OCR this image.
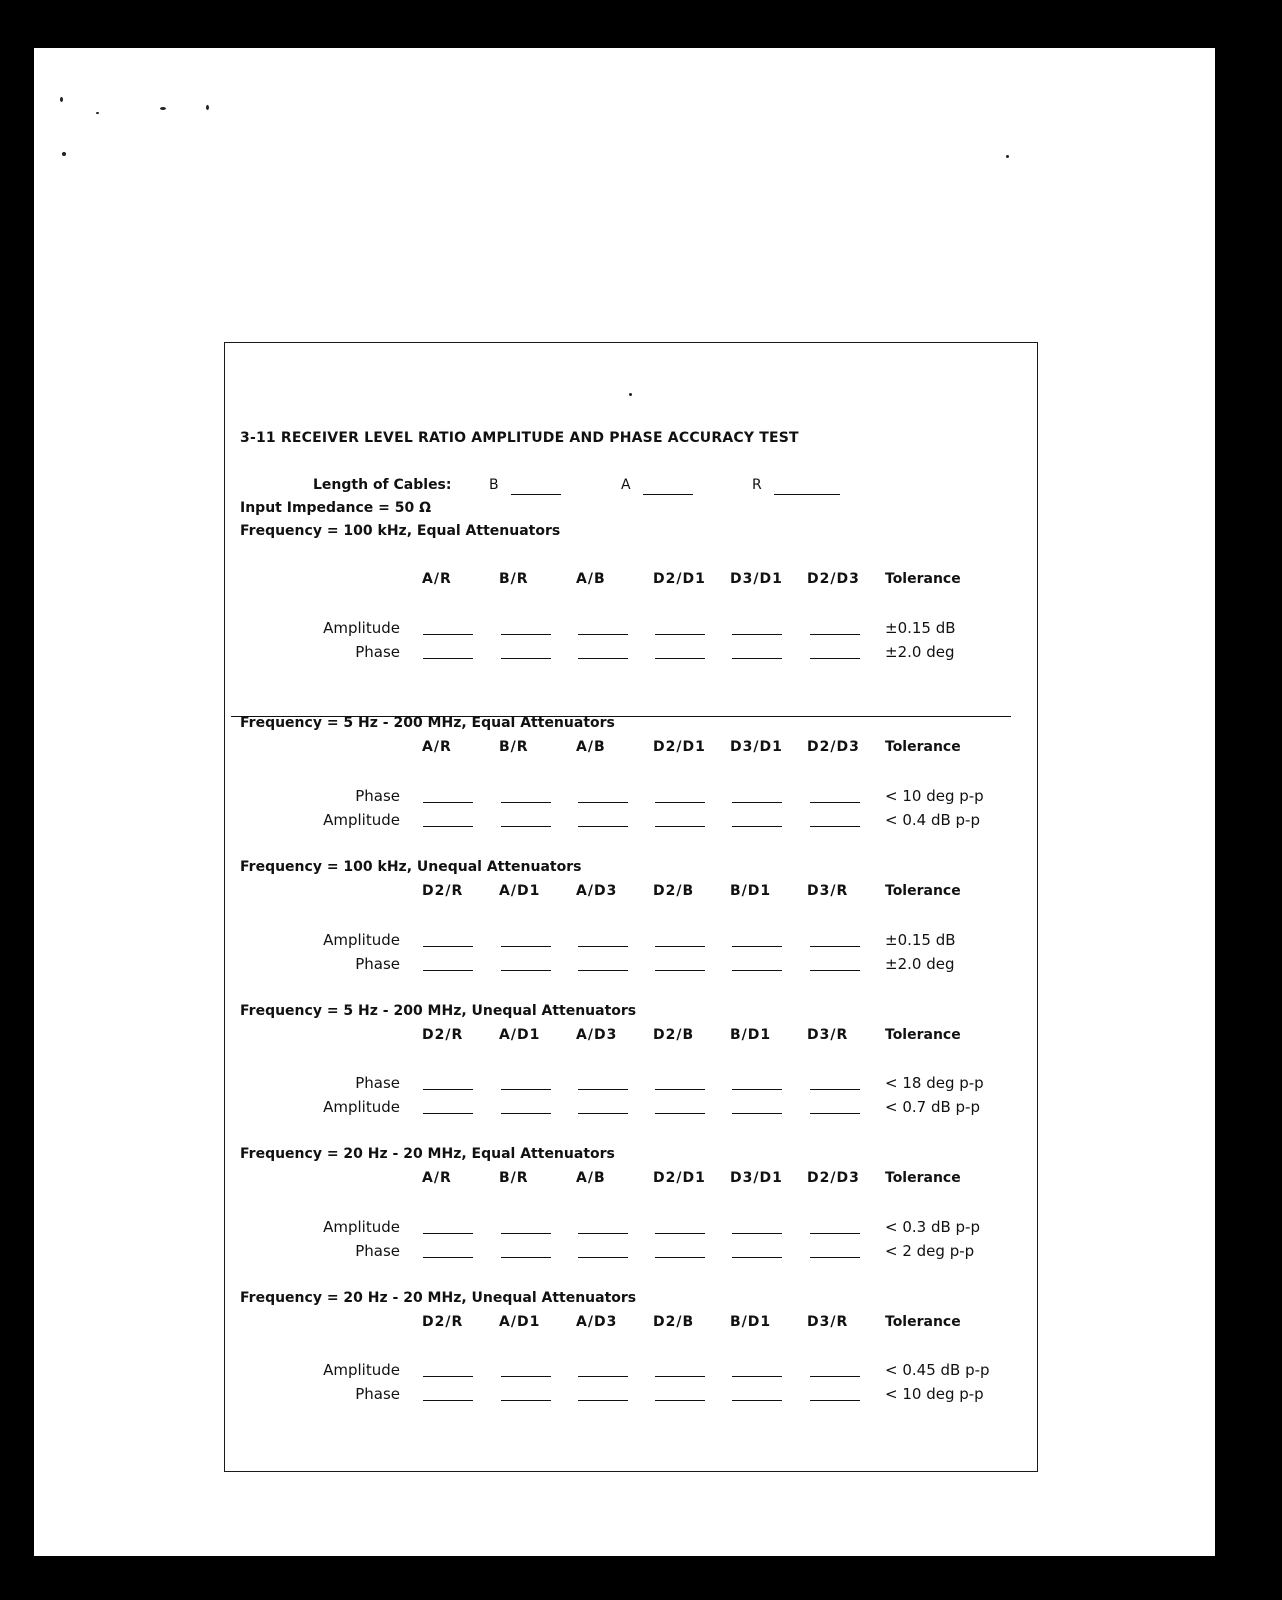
3-11 RECEIVER LEVEL RATIO AMPLITUDE AND PHASE ACCURACY TEST
Length of Cables:	B	A	R
Input Impedance = 50 Ω
Frequency = 100 kHz, Equal Attenuators
A/R	B/R	A/B	D2/D1 D3/D1 D2/D3 Tolerance
Amplitude	±0.15 dB
Phase	±2.0 deg
Frequency = 5 Hz - 200 MHz, Equal Attenuators
A/R	B/R	A/B	D2/D1 D3/D1 D2/D3 Tolerance
Phase	< 10 deg p-p
Amplitude	< 0.4 dB p-p
Frequency = 100 kHz, Unequal Attenuators
D2/R	A/D1	A/D3	D2/B	B/D1	D3/R	Tolerance
Amplitude	±0.15 dB
Phase	±2.0 deg
Frequency = 5 Hz - 200 MHz, Unequal Attenuators
D2/R	A/D1	A/D3	D2/B	B/D1	D3/R	Tolerance
Phase	< 18 deg p-p
Amplitude	< 0.7 dB p-p
Frequency = 20 Hz - 20 MHz, Equal Attenuators
A/R	B/R	A/B	D2/D1 D3/D1 D2/D3 Tolerance
Amplitude	< 0.3 dB p-p
Phase	< 2 deg p-p
Frequency = 20 Hz - 20 MHz, Unequal Attenuators
D2/R	A/D1	A/D3	D2/B	B/D1	D3/R	Tolerance
Amplitude	< 0.45 dB p-p
Phase	< 10 deg p-p
